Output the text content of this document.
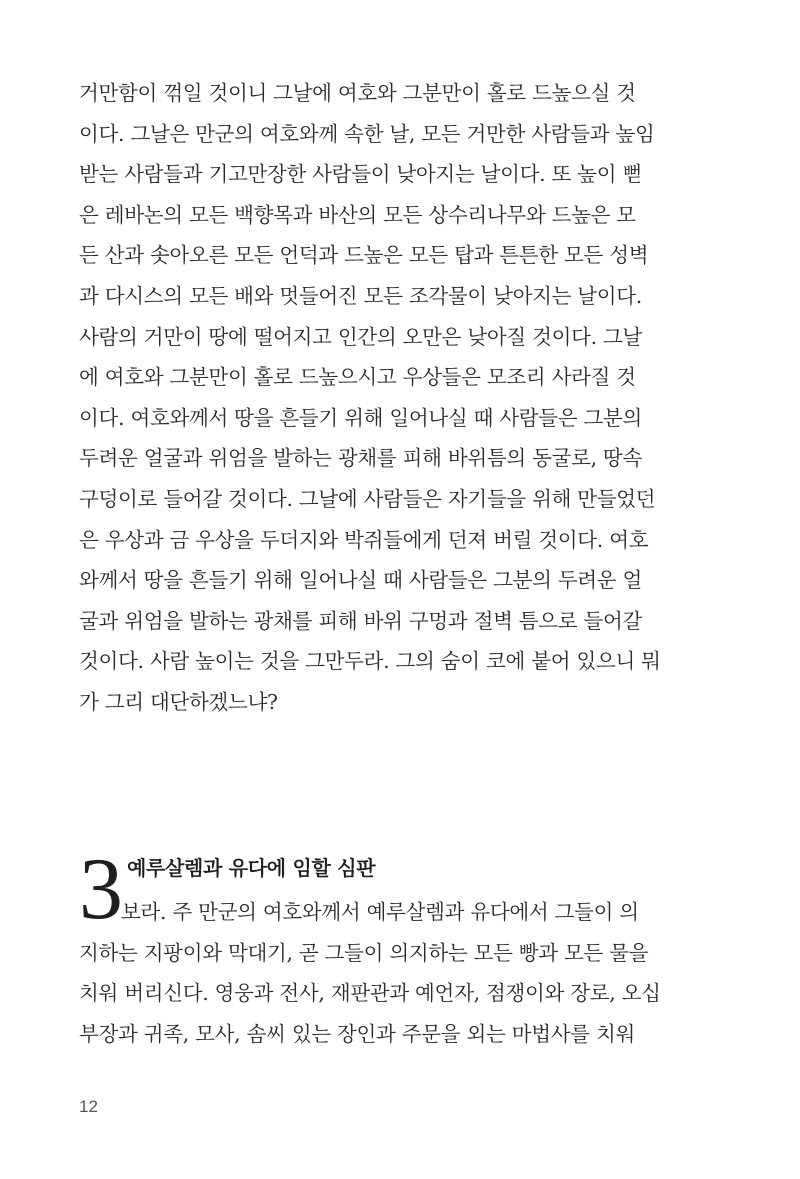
거만함이 꺾일 것이니 그날에 여호와 그분만이 홀로 드높으실 것
이다. 그날은 만군의 여호와께 속한 날, 모든 거만한 사람들과 높임
받는 사람들과 기고만장한 사람들이 낮아지는 날이다. 또 높이 뻗
은 레바논의 모든 백향목과 바산의 모든 상수리나무와 드높은 모
든 산과 솟아오른 모든 언덕과 드높은 모든 탑과 튼튼한 모든 성벽
과 다시스의 모든 배와 멋들어진 모든 조각물이 낮아지는 날이다.
사람의 거만이 땅에 떨어지고 인간의 오만은 낮아질 것이다. 그날
에 여호와 그분만이 홀로 드높으시고 우상들은 모조리 사라질 것
이다. 여호와께서 땅을 흔들기 위해 일어나실 때 사람들은 그분의
두려운 얼굴과 위엄을 발하는 광채를 피해 바위틈의 동굴로, 땅속
구덩이로 들어갈 것이다. 그날에 사람들은 자기들을 위해 만들었던
은 우상과 금 우상을 두더지와 박쥐들에게 던져 버릴 것이다. 여호
와께서 땅을 흔들기 위해 일어나실 때 사람들은 그분의 두려운 얼
굴과 위엄을 발하는 광채를 피해 바위 구멍과 절벽 틈으로 들어갈
것이다. 사람 높이는 것을 그만두라. 그의 숨이 코에 붙어 있으니 뭐
가 그리 대단하겠느냐?
3 예루살렘과 유다에 임할 심판
보라. 주 만군의 여호와께서 예루살렘과 유다에서 그들이 의
지하는 지팡이와 막대기, 곧 그들이 의지하는 모든 빵과 모든 물을
치워 버리신다. 영웅과 전사, 재판관과 예언자, 점쟁이와 장로, 오십
부장과 귀족, 모사, 솜씨 있는 장인과 주문을 외는 마법사를 치워
12
